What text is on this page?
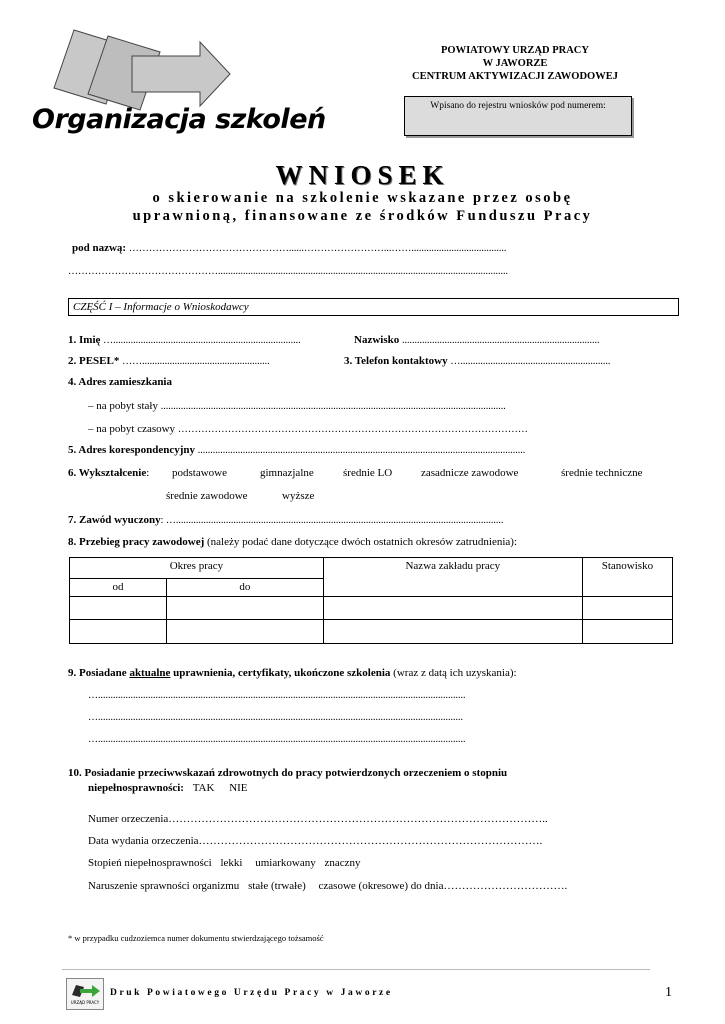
Organizacja szkoleń
POWIATOWY URZĄD PRACY
W JAWORZE
CENTRUM AKTYWIZACJI ZAWODOWEJ
Wpisano do rejestru wniosków pod numerem:
WNIOSEK
o skierowanie na szkolenie wskazane przez osobę
uprawnioną, finansowane ze środków Funduszu Pracy
pod nazwą: …………………………………………......……………………...……......................................
………………………………………....................................................................................................................
CZĘŚĆ I – Informacje o Wnioskodawcy
1. Imię …...........................................................................	Nazwisko ...............................................................................
2. PESEL* ……...................................................	3. Telefon kontaktowy …............................................................
4. Adres zamieszkania
– na pobyt stały ..........................................................................................................................................
– na pobyt czasowy ……………………………………………………………………………………………
5. Adres korespondencyjny ...................................................................................................................................
6. Wykształcenie: podstawowe	gimnazjalne	średnie LO	zasadnicze zawodowe	średnie techniczne
średnie zawodowe	wyższe
7. Zawód wyuczony: …...................................................................................................................................
8. Przebieg pracy zawodowej (należy podać dane dotyczące dwóch ostatnich okresów zatrudnienia):
Okres pracy		Nazwa zakładu pracy	Stanowisko
od	do		

9. Posiadane aktualne uprawnienia, certyfikaty, ukończone szkolenia (wraz z datą ich uzyskania):
…...................................................................................................................................................
…..................................................................................................................................................
…...................................................................................................................................................
10. Posiadanie przeciwwskazań zdrowotnych do pracy potwierdzonych orzeczeniem o stopniu
niepełnosprawności: TAK NIE
Numer orzeczenia…………………………………………………………………………………………..
Data wydania orzeczenia………………………………………………………………………………….
Stopień niepełnosprawności lekki umiarkowany znaczny
Naruszenie sprawności organizmu stałe (trwałe) czasowe (okresowe) do dnia…………………………….
* w przypadku cudzoziemca numer dokumentu stwierdzającego tożsamość
URZĄD PRACY
Druk Powiatowego Urzędu Pracy w Jaworze	1
